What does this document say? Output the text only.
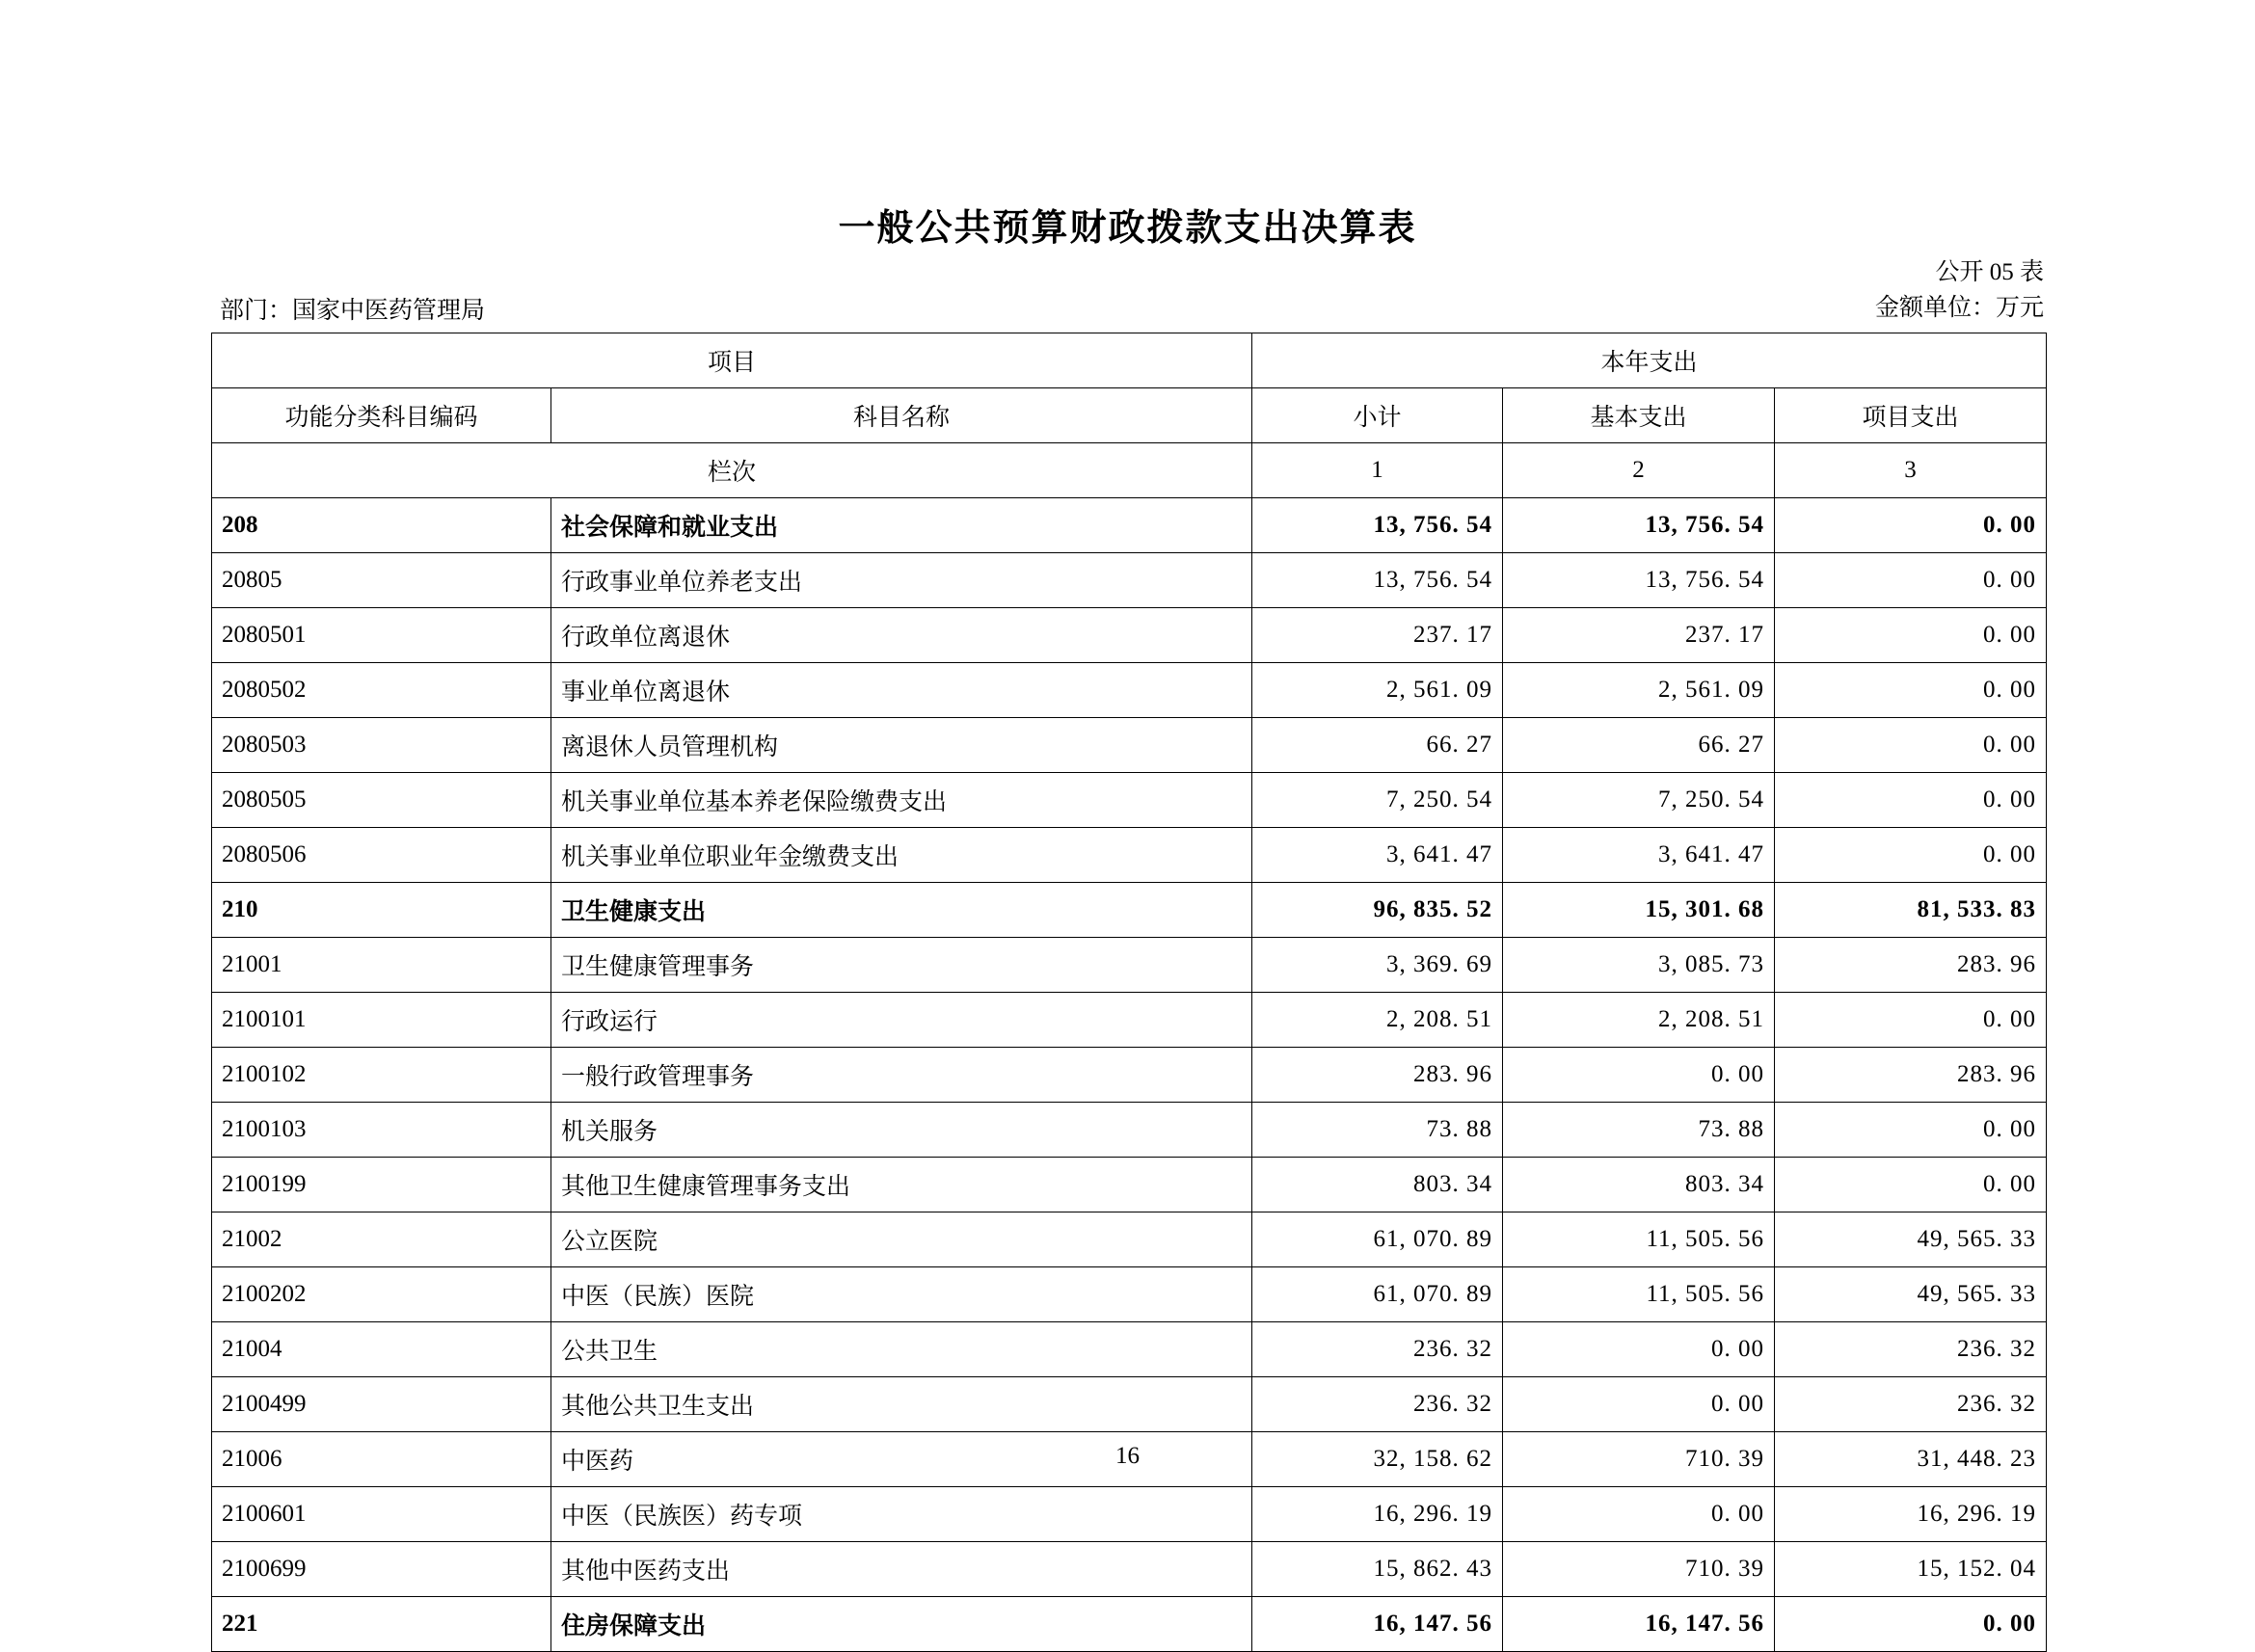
一般公共预算财政拨款支出决算表
公开 05 表
金额单位：万元
部门：国家中医药管理局
项目		本年支出		
功能分类科目编码	科目名称	小计	基本支出	项目支出
栏次		1	2	3
208	社会保障和就业支出	13, 756. 54	13, 756. 54	0. 00
20805	行政事业单位养老支出	13, 756. 54	13, 756. 54	0. 00
2080501	行政单位离退休	237. 17	237. 17	0. 00
2080502	事业单位离退休	2, 561. 09	2, 561. 09	0. 00
2080503	离退休人员管理机构	66. 27	66. 27	0. 00
2080505	机关事业单位基本养老保险缴费支出	7, 250. 54	7, 250. 54	0. 00
2080506	机关事业单位职业年金缴费支出	3, 641. 47	3, 641. 47	0. 00
210	卫生健康支出	96, 835. 52	15, 301. 68	81, 533. 83
21001	卫生健康管理事务	3, 369. 69	3, 085. 73	283. 96
2100101	行政运行	2, 208. 51	2, 208. 51	0. 00
2100102	一般行政管理事务	283. 96	0. 00	283. 96
2100103	机关服务	73. 88	73. 88	0. 00
2100199	其他卫生健康管理事务支出	803. 34	803. 34	0. 00
21002	公立医院	61, 070. 89	11, 505. 56	49, 565. 33
2100202	中医（民族）医院	61, 070. 89	11, 505. 56	49, 565. 33
21004	公共卫生	236. 32	0. 00	236. 32
2100499	其他公共卫生支出	236. 32	0. 00	236. 32
21006	中医药	32, 158. 62	710. 39	31, 448. 23
2100601	中医（民族医）药专项	16, 296. 19	0. 00	16, 296. 19
2100699	其他中医药支出	15, 862. 43	710. 39	15, 152. 04
221	住房保障支出	16, 147. 56	16, 147. 56	0. 00
16
